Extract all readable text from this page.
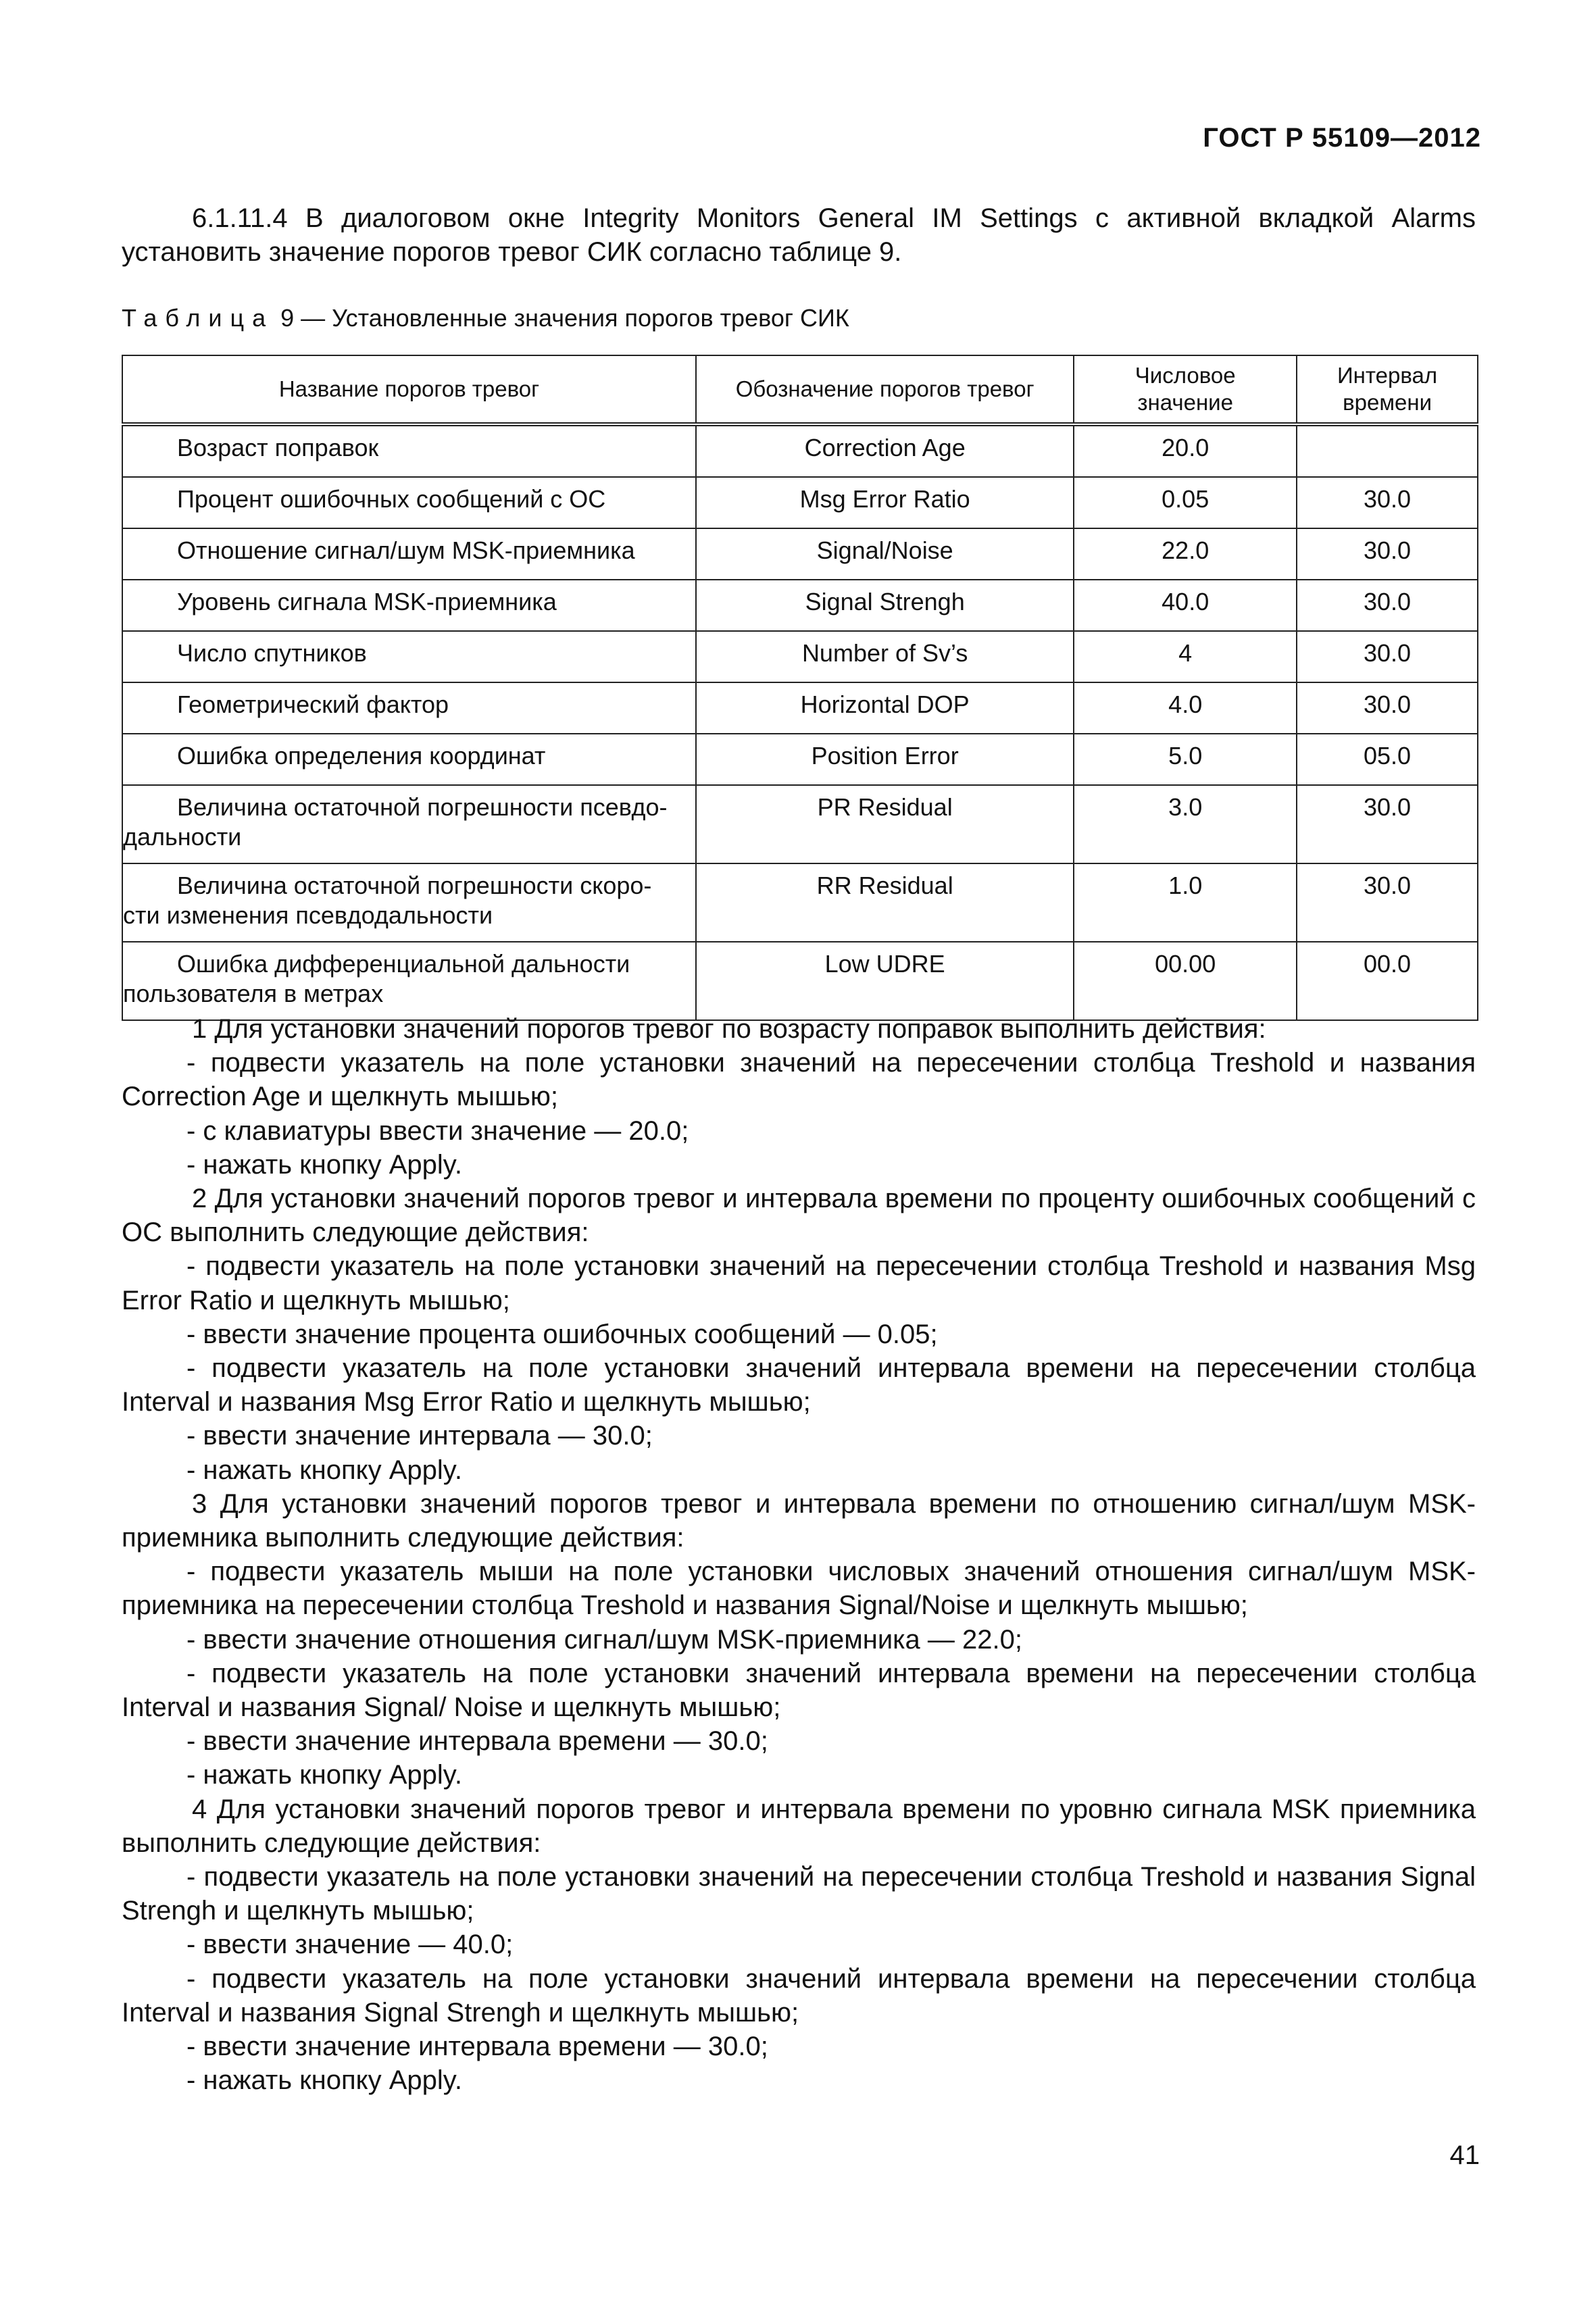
ГОСТ Р 55109—2012

6.1.11.4 В диалоговом окне Integrity Monitors General IM Settings с активной вкладкой Alarms установить значение порогов тревог СИК согласно таблице 9.

Таблица 9 — Установленные значения порогов тревог СИК
Название порогов тревог	Обозначение порогов тревог	Числовое значение	Интервал времени
Возраст поправок	Correction Age	20.0	
Процент ошибочных сообщений с ОС	Msg Error Ratio	0.05	30.0
Отношение сигнал/шум MSK-приемника	Signal/Noise	22.0	30.0
Уровень сигнала MSK-приемника	Signal Strengh	40.0	30.0
Число спутников	Number of Sv’s	4	30.0
Геометрический фактор	Horizontal DOP	4.0	30.0
Ошибка определения координат	Position Error	5.0	05.0
Величина остаточной погрешности псевдо-
дальности	PR Residual	3.0	30.0
Величина остаточной погрешности скоро-
сти изменения псевдодальности	RR Residual	1.0	30.0
Ошибка дифференциальной дальности
пользователя в метрах	Low UDRE	00.00	00.0

1 Для установки значений порогов тревог по возрасту поправок выполнить действия:

- подвести указатель на поле установки значений на пересечении столбца Treshold и названия Correction Age и щелкнуть мышью;

- с клавиатуры ввести значение — 20.0;

- нажать кнопку Apply.

2 Для установки значений порогов тревог и интервала времени по проценту ошибочных сообщений с ОС выполнить следующие действия:

- подвести указатель на поле установки значений на пересечении столбца Treshold и названия Msg Error Ratio и щелкнуть мышью;

- ввести значение процента ошибочных сообщений — 0.05;

- подвести указатель на поле установки значений интервала времени на пересечении столбца Interval и названия Msg Error Ratio и щелкнуть мышью;

- ввести значение интервала — 30.0;

- нажать кнопку Apply.

3 Для установки значений порогов тревог и интервала времени по отношению сигнал/шум MSK-приемника выполнить следующие действия:

- подвести указатель мыши на поле установки числовых значений отношения сигнал/шум MSK-приемника на пересечении столбца Treshold и названия Signal/Noise и щелкнуть мышью;

- ввести значение отношения сигнал/шум MSK-приемника — 22.0;

- подвести указатель на поле установки значений интервала времени на пересечении столбца Interval и названия Signal/ Noise и щелкнуть мышью;

- ввести значение интервала времени — 30.0;

- нажать кнопку Apply.

4 Для установки значений порогов тревог и интервала времени по уровню сигнала MSK приемника выполнить следующие действия:

- подвести указатель на поле установки значений на пересечении столбца Treshold и названия Signal Strengh и щелкнуть мышью;

- ввести значение — 40.0;

- подвести указатель на поле установки значений интервала времени на пересечении столбца Interval и названия Signal Strengh и щелкнуть мышью;

- ввести значение интервала времени — 30.0;

- нажать кнопку Apply.

41
